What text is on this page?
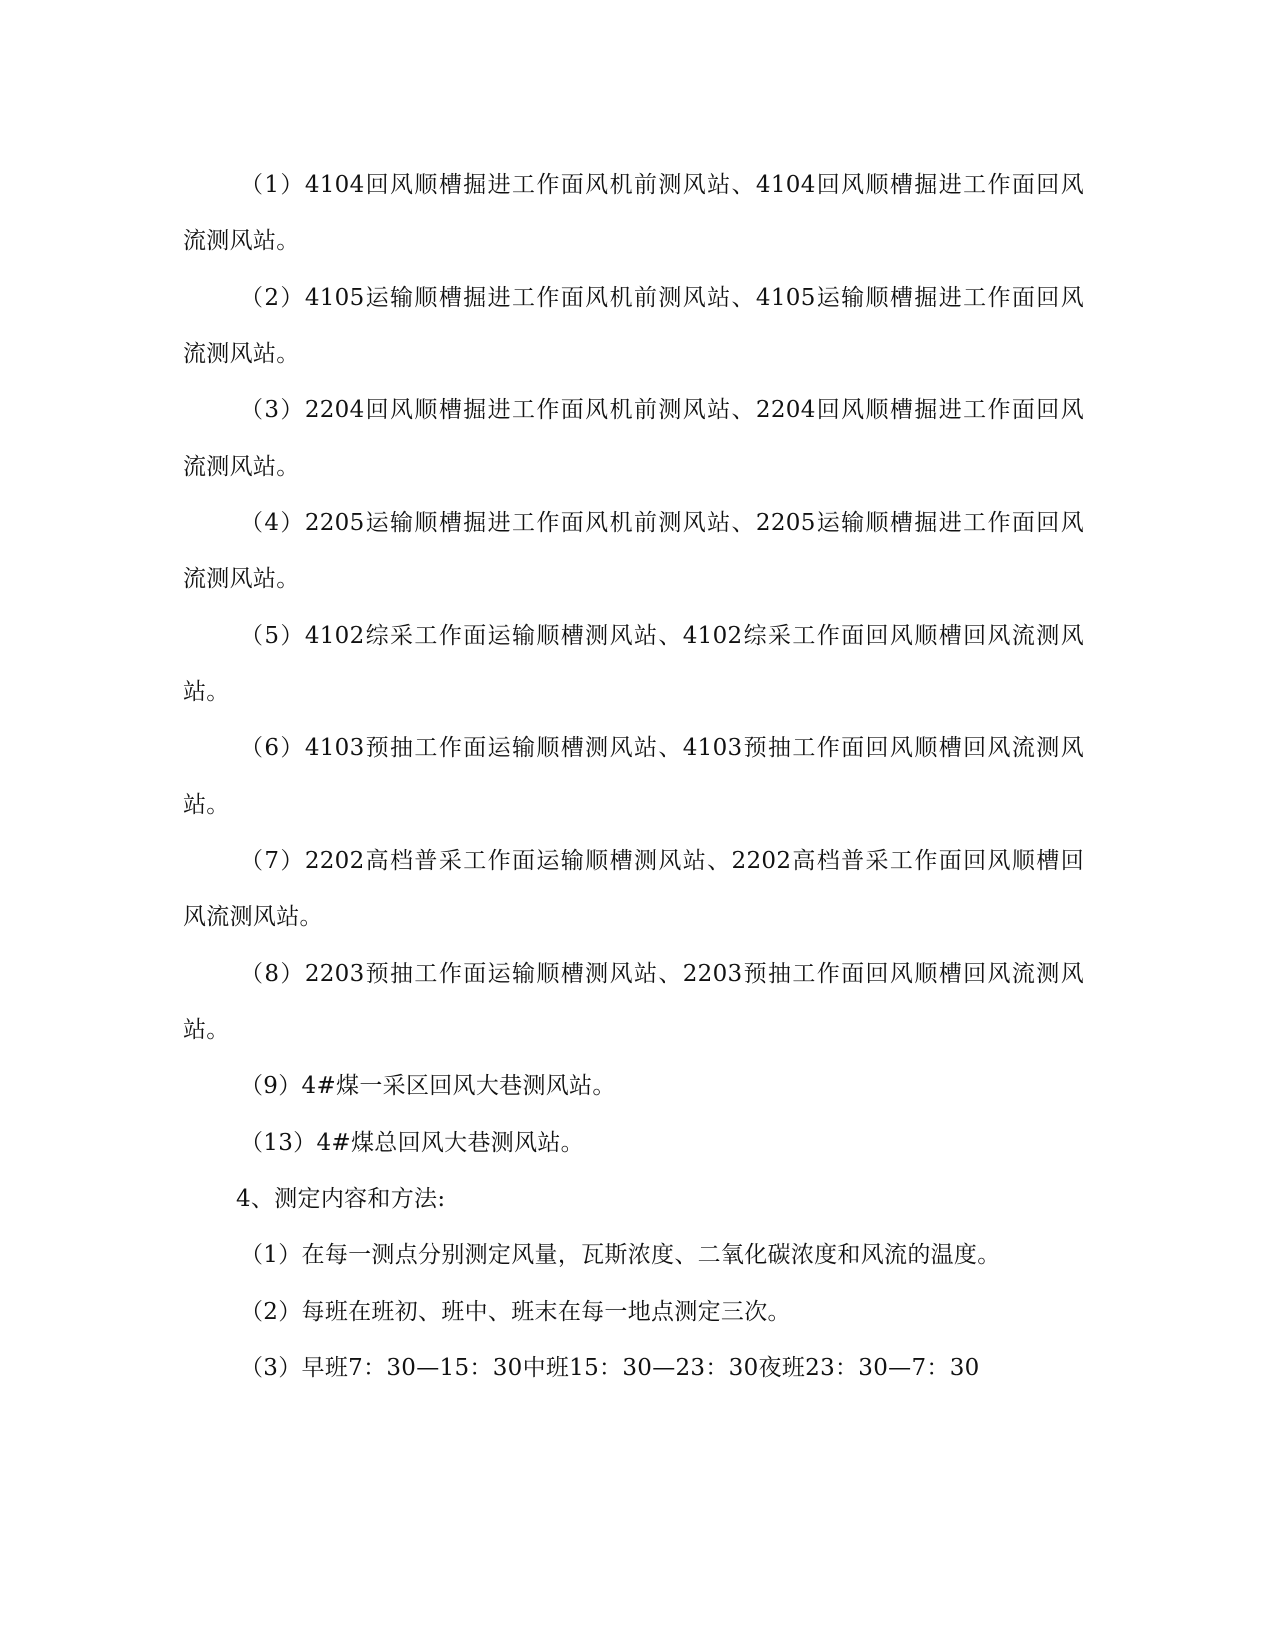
（1）4104回风顺槽掘进工作面风机前测风站、4104回风顺槽掘进工作面回风
流测风站。
（2）4105运输顺槽掘进工作面风机前测风站、4105运输顺槽掘进工作面回风
流测风站。
（3）2204回风顺槽掘进工作面风机前测风站、2204回风顺槽掘进工作面回风
流测风站。
（4）2205运输顺槽掘进工作面风机前测风站、2205运输顺槽掘进工作面回风
流测风站。
（5）4102综采工作面运输顺槽测风站、4102综采工作面回风顺槽回风流测风
站。
（6）4103预抽工作面运输顺槽测风站、4103预抽工作面回风顺槽回风流测风
站。
（7）2202高档普采工作面运输顺槽测风站、2202高档普采工作面回风顺槽回
风流测风站。
（8）2203预抽工作面运输顺槽测风站、2203预抽工作面回风顺槽回风流测风
站。
（9）4#煤一采区回风大巷测风站。
（13）4#煤总回风大巷测风站。
4、测定内容和方法:
（1）在每一测点分别测定风量，瓦斯浓度、二氧化碳浓度和风流的温度。
（2）每班在班初、班中、班末在每一地点测定三次。
（3）早班7：30—15：30中班15：30—23：30夜班23：30—7：30
